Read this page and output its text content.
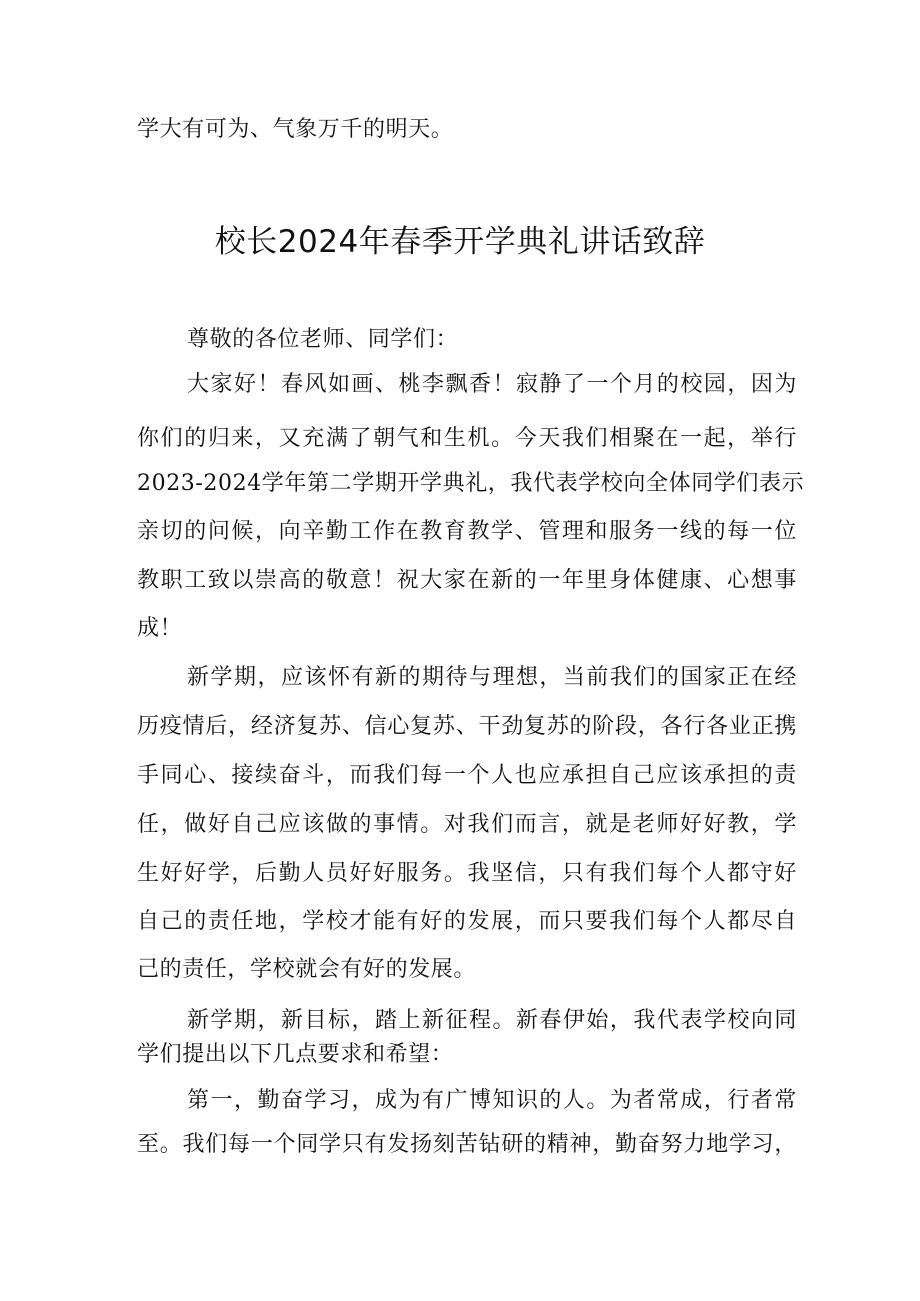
学大有可为、气象万千的明天。
校长2024年春季开学典礼讲话致辞
尊敬的各位老师、同学们：
大家好！春风如画、桃李飘香！寂静了一个月的校园，因为
你们的归来，又充满了朝气和生机。今天我们相聚在一起，举行
2023-2024学年第二学期开学典礼，我代表学校向全体同学们表示
亲切的问候，向辛勤工作在教育教学、管理和服务一线的每一位
教职工致以崇高的敬意！祝大家在新的一年里身体健康、心想事
成！
新学期，应该怀有新的期待与理想，当前我们的国家正在经
历疫情后，经济复苏、信心复苏、干劲复苏的阶段，各行各业正携
手同心、接续奋斗，而我们每一个人也应承担自己应该承担的责
任，做好自己应该做的事情。对我们而言，就是老师好好教，学
生好好学，后勤人员好好服务。我坚信，只有我们每个人都守好
自己的责任地，学校才能有好的发展，而只要我们每个人都尽自
己的责任，学校就会有好的发展。
新学期，新目标，踏上新征程。新春伊始，我代表学校向同
学们提出以下几点要求和希望：
第一，勤奋学习，成为有广博知识的人。为者常成，行者常
至。我们每一个同学只有发扬刻苦钻研的精神，勤奋努力地学习，
